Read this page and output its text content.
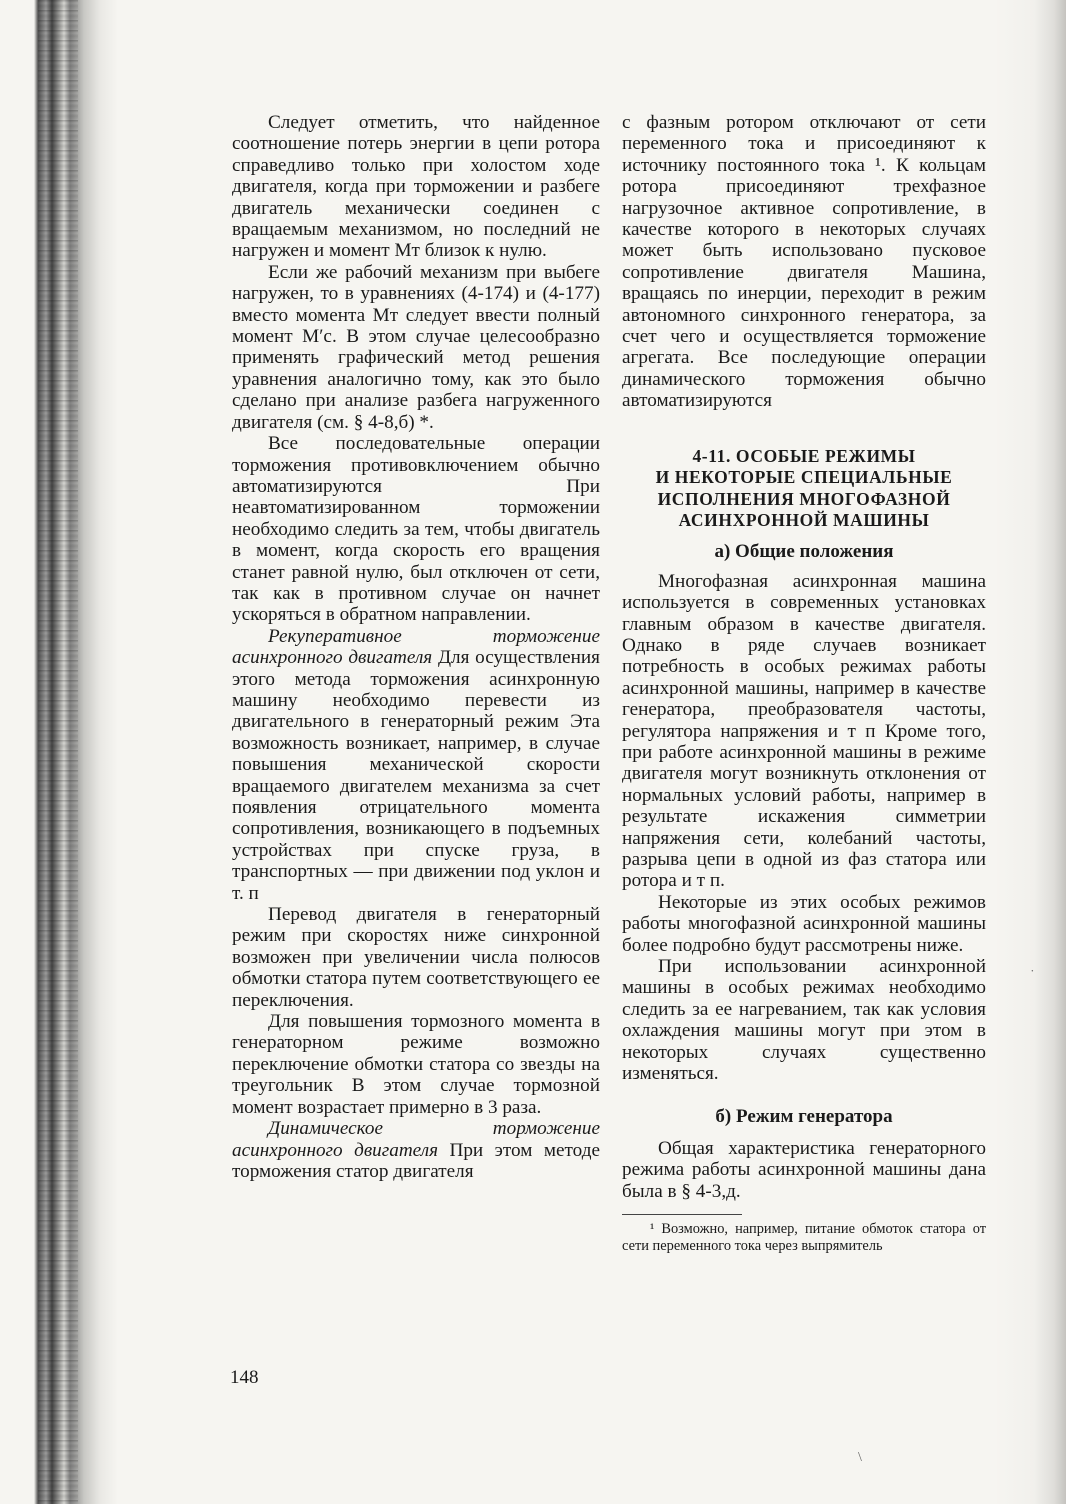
Следует отметить, что найденное соотношение потерь энергии в цепи ротора справедливо только при холостом ходе двигателя, когда при торможении и разбеге двигатель механически соединен с вращаемым механизмом, но последний не нагружен и момент Mт близок к нулю.

Если же рабочий механизм при выбеге нагружен, то в уравнениях (4-174) и (4-177) вместо момента Mт следует ввести полный момент M′c. В этом случае целесообразно применять графический метод решения уравнения аналогично тому, как это было сделано при анализе разбега нагруженного двигателя (см. § 4-8,б) *.

Все последовательные операции торможения противовключением обычно автоматизируются При неавтоматизированном торможении необходимо следить за тем, чтобы двигатель в момент, когда скорость его вращения станет равной нулю, был отключен от сети, так как в противном случае он начнет ускоряться в обратном направлении.

Рекуперативное торможение асинхронного двигателя Для осуществления этого метода торможения асинхронную машину необходимо перевести из двигательного в генераторный режим Эта возможность возникает, например, в случае повышения механической скорости вращаемого двигателем механизма за счет появления отрицательного момента сопротивления, возникающего в подъемных устройствах при спуске груза, в транспортных — при движении под уклон и т. п

Перевод двигателя в генераторный режим при скоростях ниже синхронной возможен при увеличении числа полюсов обмотки статора путем соответствующего ее переключения.

Для повышения тормозного момента в генераторном режиме возможно переключение обмотки статора со звезды на треугольник В этом случае тормозной момент возрастает примерно в 3 раза.

Динамическое торможение асинхронного двигателя При этом методе торможения статор двигателя

с фазным ротором отключают от сети переменного тока и присоединяют к источнику постоянного тока ¹. К кольцам ротора присоединяют трехфазное нагрузочное активное сопротивление, в качестве которого в некоторых случаях может быть использовано пусковое сопротивление двигателя Машина, вращаясь по инерции, переходит в режим автономного синхронного генератора, за счет чего и осуществляется торможение агрегата. Все последующие операции динамического торможения обычно автоматизируются

4-11. ОСОБЫЕ РЕЖИМЫ
И НЕКОТОРЫЕ СПЕЦИАЛЬНЫЕ
ИСПОЛНЕНИЯ МНОГОФАЗНОЙ
АСИНХРОННОЙ МАШИНЫ
а) Общие положения

Многофазная асинхронная машина используется в современных установках главным образом в качестве двигателя. Однако в ряде случаев возникает потребность в особых режимах работы асинхронной машины, например в качестве генератора, преобразователя частоты, регулятора напряжения и т п Кроме того, при работе асинхронной машины в режиме двигателя могут возникнуть отклонения от нормальных условий работы, например в результате искажения симметрии напряжения сети, колебаний частоты, разрыва цепи в одной из фаз статора или ротора и т п.

Некоторые из этих особых режимов работы многофазной асинхронной машины более подробно будут рассмотрены ниже.

При использовании асинхронной машины в особых режимах необходимо следить за ее нагреванием, так как условия охлаждения машины могут при этом в некоторых случаях существенно изменяться.

б) Режим генератора

Общая характеристика генераторного режима работы асинхронной машины дана была в § 4-3,д.

¹ Возможно, например, питание обмоток статора от сети переменного тока через выпрямитель
148
˙
\
